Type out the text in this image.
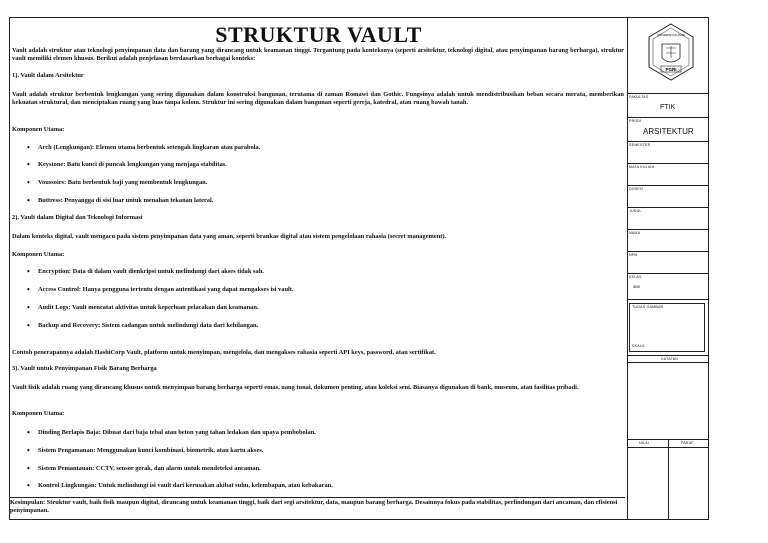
STRUKTUR VAULT
Vault adalah struktur atau teknologi penyimpanan data dan barang yang dirancang untuk keamanan tinggi. Tergantung pada konteksnya (seperti arsitektur, teknologi digital, atau penyimpanan barang berharga), struktur vault memiliki elemen khusus. Berikut adalah penjelasan berdasarkan berbagai konteks:
1). Vault dalam Arsitektur
Vault adalah struktur berbentuk lengkungan yang sering digunakan dalam konstruksi bangunan, terutama di zaman Romawi dan Gothic. Fungsinya adalah untuk mendistribusikan beban secara merata, memberikan kekuatan struktural, dan menciptakan ruang yang luas tanpa kolom. Struktur ini sering digunakan dalam bangunan seperti gereja, katedral, atau ruang bawah tanah.
Komponen Utama:
• Arch (Lengkungan): Elemen utama berbentuk setengah lingkaran atau parabola.
• Keystone: Batu kunci di puncak lengkungan yang menjaga stabilitas.
• Voussoirs: Batu berbentuk baji yang membentuk lengkungan.
• Buttress: Penyangga di sisi luar untuk menahan tekanan lateral.
2). Vault dalam Digital dan Teknologi Informasi
Dalam konteks digital, vault mengacu pada sistem penyimpanan data yang aman, seperti brankas digital atau sistem pengelolaan rahasia (secret management).
Komponen Utama:
• Encryption: Data di dalam vault dienkripsi untuk melindungi dari akses tidak sah.
• Access Control: Hanya pengguna tertentu dengan autentikasi yang dapat mengakses isi vault.
• Audit Logs: Vault mencatat aktivitas untuk keperluan pelacakan dan keamanan.
• Backup and Recovery: Sistem cadangan untuk melindungi data dari kehilangan.
Contoh penerapannya adalah HashiCorp Vault, platform untuk menyimpan, mengelola, dan mengakses rahasia seperti API keys, password, atau sertifikat.
3). Vault untuk Penyimpanan Fisik Barang Berharga
Vault fisik adalah ruang yang dirancang khusus untuk menyimpan barang berharga seperti emas, uang tunai, dokumen penting, atau koleksi seni. Biasanya digunakan di bank, museum, atau fasilitas pribadi.
Komponen Utama:
• Dinding Berlapis Baja: Dibuat dari baja tebal atau beton yang tahan ledakan dan upaya pembobolan.
• Sistem Pengamanan: Menggunakan kunci kombinasi, biometrik, atau kartu akses.
• Sistem Pemantauan: CCTV, sensor gerak, dan alarm untuk mendeteksi ancaman.
• Kontrol Lingkungan: Untuk melindungi isi vault dari kerusakan akibat suhu, kelembapan, atau kebakaran.
Kesimpulan: Struktur vault, baik fisik maupun digital, dirancang untuk keamanan tinggi, baik dari segi arsitektur, data, maupun barang berharga. Desainnya fokus pada stabilitas, perlindungan dari ancaman, dan efisiensi penyimpanan.
PGRI
UNIVERSITAS PGRI
FAKULTAS
FTIK
PRODI
ARSITEKTUR
SEMESTER
MATA KULIAH
DOSEN
JUDUL
NAMA
NPM
KELAS
3B0
TUGAS GAMBAR
SKALA
CATATAN
NILAI	PARAF
